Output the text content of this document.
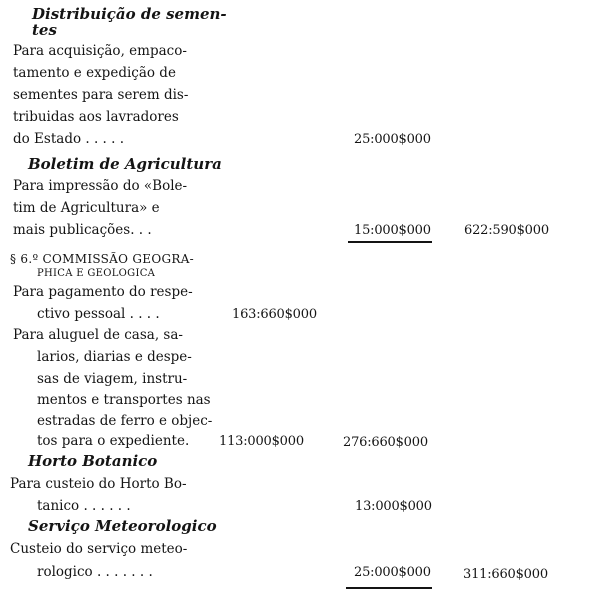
Distribuição de semen-
tes
Para acquisição, empaco-
tamento e expedição de
sementes para serem dis-
tribuidas aos lavradores
do Estado . . . . .	25:000$000
Boletim de Agricultura
Para impressão do «Bole-
tim de Agricultura» e
mais publicações. . .	15:000$000	622:590$000
§ 6.º COMMISSÃO GEOGRA-
PHICA E GEOLOGICA
Para pagamento do respe-
ctivo pessoal . . . .	163:660$000
Para aluguel de casa, sa-
larios, diarias e despe-
sas de viagem, instru-
mentos e transportes nas
estradas de ferro e objec-
tos para o expediente. 113:000$000	276:660$000
Horto Botanico
Para custeio do Horto Bo-
tanico . . . . . .	13:000$000
Serviço Meteorologico
Custeio do serviço meteo-
rologico . . . . . . .	25:000$000 311:660$000
